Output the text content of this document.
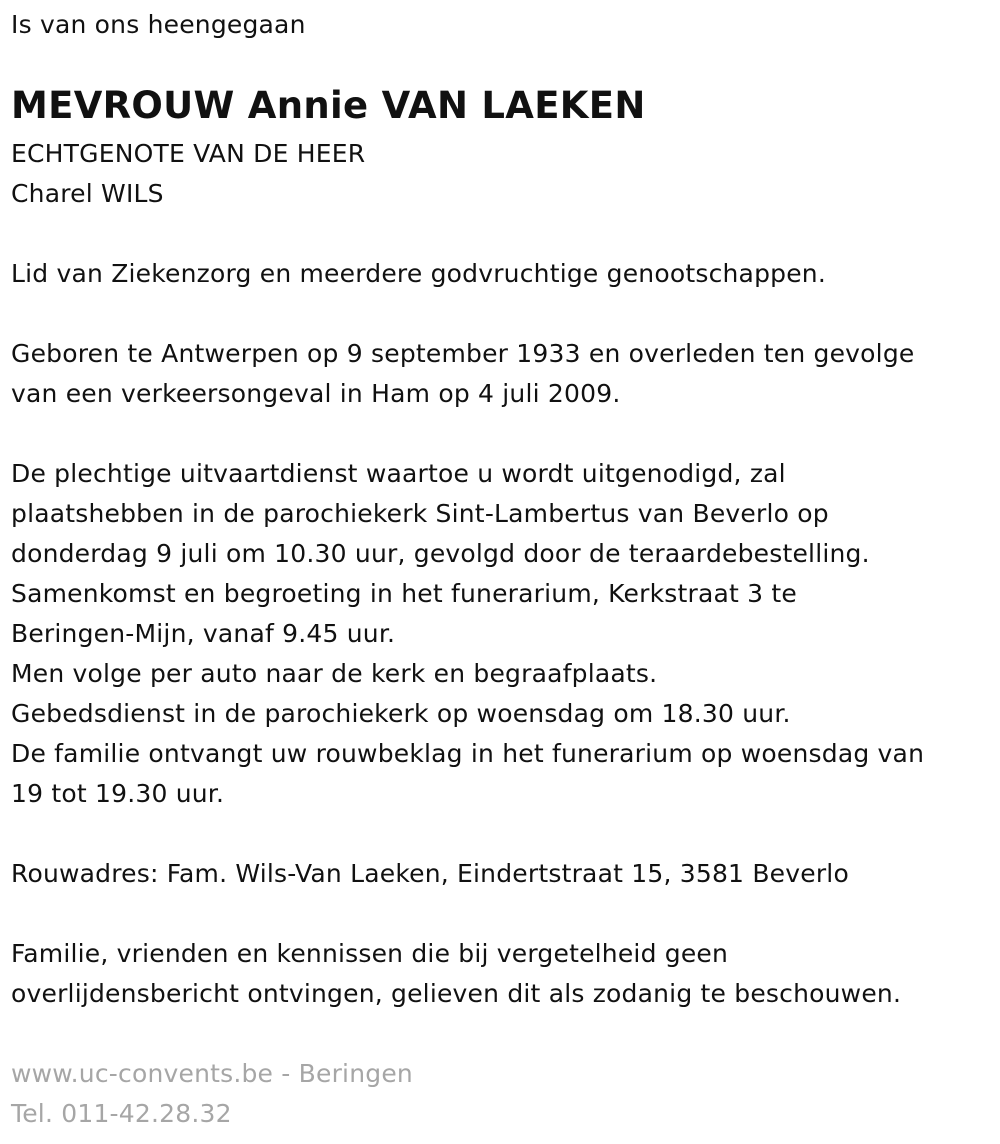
Is van ons heengegaan
MEVROUW Annie VAN LAEKEN
ECHTGENOTE VAN DE HEER
Charel WILS
Lid van Ziekenzorg en meerdere godvruchtige genootschappen.
Geboren te Antwerpen op 9 september 1933 en overleden ten gevolge
van een verkeersongeval in Ham op 4 juli 2009.
De plechtige uitvaartdienst waartoe u wordt uitgenodigd, zal
plaatshebben in de parochiekerk Sint-Lambertus van Beverlo op
donderdag 9 juli om 10.30 uur, gevolgd door de teraardebestelling.
Samenkomst en begroeting in het funerarium, Kerkstraat 3 te
Beringen-Mijn, vanaf 9.45 uur.
Men volge per auto naar de kerk en begraafplaats.
Gebedsdienst in de parochiekerk op woensdag om 18.30 uur.
De familie ontvangt uw rouwbeklag in het funerarium op woensdag van
19 tot 19.30 uur.
Rouwadres: Fam. Wils-Van Laeken, Eindertstraat 15, 3581 Beverlo
Familie, vrienden en kennissen die bij vergetelheid geen
overlijdensbericht ontvingen, gelieven dit als zodanig te beschouwen.
www.uc-convents.be - Beringen
Tel. 011-42.28.32
